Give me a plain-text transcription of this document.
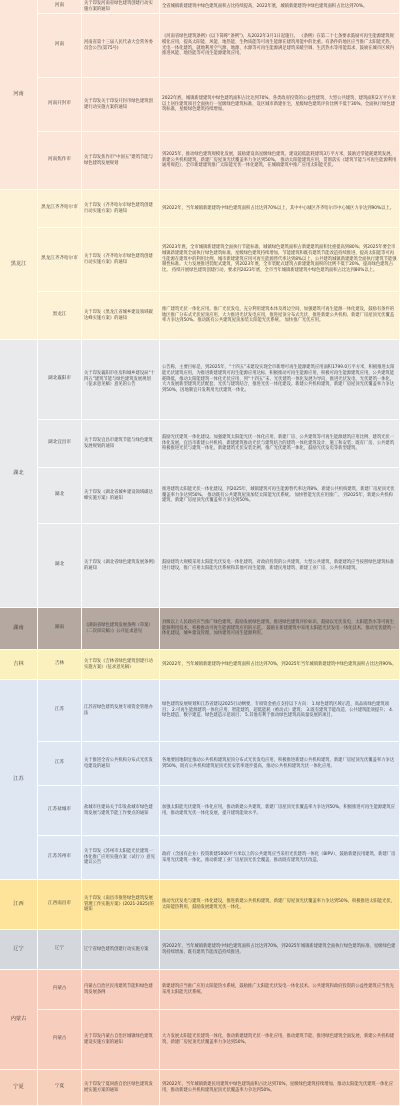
河南
黑龙江
湖北
湖南
吉林
江苏
江西
辽宁
内蒙古
宁夏
河南
关于印发河南省绿色建筑创建行动实施方案的通知
全省城镇新建建筑中绿色建筑面积占比持续提高，2022年底，城镇新建建筑中绿色建筑面积占比达到70%。
河南
河南省第十三届人民代表大会常务委员会公告(第75号)
《河南省绿色建筑条例》(以下简称“条例”)，从2022年3月1日起施行。 《条例》在第二十七条要求鼓励可再生能源建筑规模化应用，提高太阳能、风能、地热能、生物质能等可再生能源在建筑用能中的比重。有条件的地区应当推广太阳能光热、光电一体化建筑，就地利用空气源、地源、水源等可再生能源满足建筑采暖空调、生活热水等用能需求，鼓励在城市区域内推进风能、地热能等可再生能源建筑应用。
河南开封市
关于印发关于印发开封市绿色建筑创建行动实施方案的通知
2022年底，城镇新建建筑中绿色建筑面积占比达到70%，各类政府投资的公益性建筑、大型公共建筑、建筑面积2万平方米以上居住建筑项目全面执行一星级绿色建筑标准，设区城市新建住宅，星级绿色建筑评价比例不低于30%，全面执行绿色建筑标准，星级绿色建筑持续增加。
河南焦作市
关于印发焦作市“中国五”建筑节能与绿色建筑发展规划
到2025年，推动绿色建筑规模化发展，鼓励建设高星级绿色建筑，建设超低能耗建筑3万平方米，鼓励近零能耗建筑发展，新建公共机构建筑、新建厂房屋顶光伏覆盖率力争达到50%。 推动太阳能建筑应用，贯彻落实《建筑节能与可再生能源利用通用规范》，全市新建建筑推广太阳能光伏一体化建筑，在城镇建筑中推广应用太阳能光伏。
黑龙江齐齐哈尔市
关于印发《齐齐哈尔市绿色建筑创建行动实施方案》的通知
到2022年，当年城镇新建建筑中绿色建筑面积占比达到70%以上，其中中心城区齐齐哈尔市中心城区力争达到90%以上。
黑龙江齐齐哈尔市
关于印发《齐齐哈尔市绿色建筑创建行动实施方案》的通知
到2023年底，全市城镇新建建筑全面执行节能标准，城镇绿色建筑面积占新建建筑面积比重提高到80%；到2025年要全市城镇新建建筑全面执行绿色建筑标准，星级绿色建筑持续增加，节能建筑和既有建筑节能改造持续推进，提高太阳能等可再生能源在建筑中的利用比例，城市新建建筑应用可再生能源替代率达到8%以上，公共建筑城镇新建建筑全面执行建筑节能强制性标准。大力发展推进装配式建筑，到2023年底，全市装配式建筑占新建建筑面积的比例不低于20%。提高绿色建筑占比。 持续开展绿色建筑创建行动，要求到2023年底，全市当年城镇新建建筑中绿色建筑面积占比达到80%以上。
黑龙江
关于印发《黑龙江省城乡建设领域碳达峰实施方案》的通知
推广建筑光伏一体化应用。推广光伏发电，充分利用建筑本体及周边空间，加强建筑可再生能源一体化建设，鼓励有条件的地区推广分布式光伏屋顶应用，大力推进光伏发电应用，推进屋顶分布式光伏、推进新建公共机构、新建厂房屋顶光伏覆盖率力争达到50%。推动既有公共建筑屋顶加装太阳能光伏系统。 加快推广光伏应用。
湖北襄阳市
关于印发襄阳市住房和城乡建设局“十四五”建筑节能与绿色建筑发展规划（征求意见稿）意见的公告
公告称，主要目标是，到2025年，“十四五”末建设实现全市新增可再生能源建筑应用面积1799.0万平方米，积极推进太阳能光伏建筑应用，为推进新建建筑可再生能源应用达标，积极推动可再生能源应用，积极可再生能源建筑应用，公共建筑能耗降低，推动太阳能建筑一体化光伏应用，到“十四五”末，光伏建筑一体化发展为导向，推进光伏发电、光伏建筑一体化，大力发展新型建筑光伏配套，光伏与建筑结合，推进光伏一体化建设。新建公共机构建筑、新建厂房屋顶光伏覆盖率力争达到50%，因地制宜开发利用光伏建筑一体化。
湖北宜昌市
关于印发宜昌市建筑节能与绿色建筑发展规划的通知
鼓励光伏建筑一体化建设。加强建筑太阳能光伏一体化应用，新建厂房、公共建筑等可再生能源建筑应用比例、建筑光伏一体化发展，宜昌市新建公共机构、新建建筑推动光伏与建筑结合的建筑一体化建筑设计，施工和安装；既有厂房、公共建筑积极推进光伏与建筑一体化，新建建筑光伏安装比例，推广光伏建筑一体化，鼓励光伏发电等新型建筑。
湖北
关于印发《湖北省城乡建设领域碳达峰实施方案》的通知
推进建筑太阳能光伏一体化建设，到2025年，城镇建筑可再生能源替代率达到8%，新建公共机构建筑、新建厂房屋顶光伏覆盖率力争达到50%。 推动既有公共建筑屋顶加装太阳能光伏系统。 加快智能光伏应用推广。 到2025年，新建公共机构建筑、新建厂房屋顶光伏覆盖率力争达到50%。
湖北
关于印发《湖北省绿色建筑发展条例》的通知
鼓励建筑大规模采用太阳能光伏发电一体化建筑，对政府投资的公共建筑、大型公共建筑，新建建筑应当按照绿色建筑标准进行建设，推广应用太阳能光伏系统和其他可再生能源，新建民用建筑、新建工业厂房、公共机构建筑。
湖南
《湖南省绿色建筑发展条例（草案）（二次审议稿）》公开征求意见
县级以上人民政府应当推广绿色建筑，鼓励发展绿色建筑、推进绿色建筑评价标识，鼓励以光伏发电、太阳能热水等可再生能源利用技术，积极推动可再生能源建筑应用的示范。 鼓励在新建建筑中采用太阳能光伏发电一体化技术，推动光伏建筑一体化建设，城乡建设管理，加快建筑可再生能源利用。
吉林
关于印发《吉林省绿色建筑创建行动实施方案》（征求意见稿）
到2022年，当年城镇新建建筑中绿色建筑面积占比达到70%，到2025年当年城镇新建建筑中绿色建筑面积占比达到90%。
江苏
江苏省绿色建筑发展专项资金管理办法
绿色建筑发展规划和江苏省建设2025行动纲要，专项资金重点支持以下方向： 1.绿色建筑区域示范、高品质绿色建筑项目； 2.可再生能源建筑一体化应用、智能建筑、超低能耗（被动式）建筑； 3.既有建筑节能改造、公共建筑能效提升； 4.绿色建造、数字建造、绿色建造示范项目； 5.其他有利于推动绿色建筑高质量发展的项目。
江苏
关于推进全省公共机构分布式光伏发电建设的通知
各地要因地制宜推动公共机构建筑屋顶分布式光伏发电应用，积极推进新建公共机构建筑、新建厂房屋顶光伏覆盖率力争达到50%，既有公共机构建筑屋顶光伏安装率逐步提高，推动公共机构建筑光伏一体化应用。
江苏盐城市
盐城市住建局关于印发盐城市绿色建筑发展与建筑节能工作要点的通知
加强太阳能光伏建筑一体化应用，推动新建公共建筑、新建厂房屋顶光伏覆盖率力争达到50%，积极推进可再生能源建筑应用，推动建筑光伏一体化发展，提升建筑能效水平。
江苏苏州市
关于印发《苏州市太阳能光伏建筑一体化推广应用实施方案（试行）》意见建议公告
政府（含国有企业）投资新建5000平方米以上的公共建筑应当采用光伏建筑一体化（BIPV），鼓励新建民用建筑、新建厂房采用光伏建筑一体化，推动新建工业厂房屋顶光伏全覆盖，推动既有建筑光伏改造。
江西南昌市
关于印发《南昌市推进绿色建筑发展管理工作实施方案》(2021-2025)的通知
推动光伏发电与建筑一体化建设，推进新建公共机构建筑、新建厂房屋顶光伏覆盖率力争达到50%，积极推进太阳能光伏、太阳能热利用，鼓励发展建筑光伏一体化。
辽宁	辽宁省绿色建筑创建行动实施方案
到2022年，当年城镇新建建筑中绿色建筑面积占比达到70%，到2025年城镇新建建筑全面执行绿色建筑标准，星级绿色建筑持续增加，既有建筑节能改造持续推进。
内蒙古
内蒙古自治区民用建筑节能和绿色建筑发展条例
新建建筑应当推广应用太阳能热水系统，鼓励推广太阳能光伏发电一体化技术，公共建筑和政府投资的公益性建筑应当优先采用太阳能光伏系统。
内蒙古
关于印发内蒙古自治区城镇绿色建筑建设实施方案的通知
大力发展太阳能光伏建筑一体化，推动新建建筑光伏一体化应用，推动建筑节能，推进绿色建筑全面发展，新建公共机构建筑、新建厂房屋顶光伏覆盖率力争达到50%。
宁夏
关于印发宁夏回族自治区绿色建筑发展实施方案的通知
到2022年，当年城镇新建民用建筑中绿色建筑面积占比达到70%，星级绿色建筑持续增加，推动太阳能光伏建筑一体化应用，推动新建公共机构建筑屋顶光伏覆盖率力争达到50%。
